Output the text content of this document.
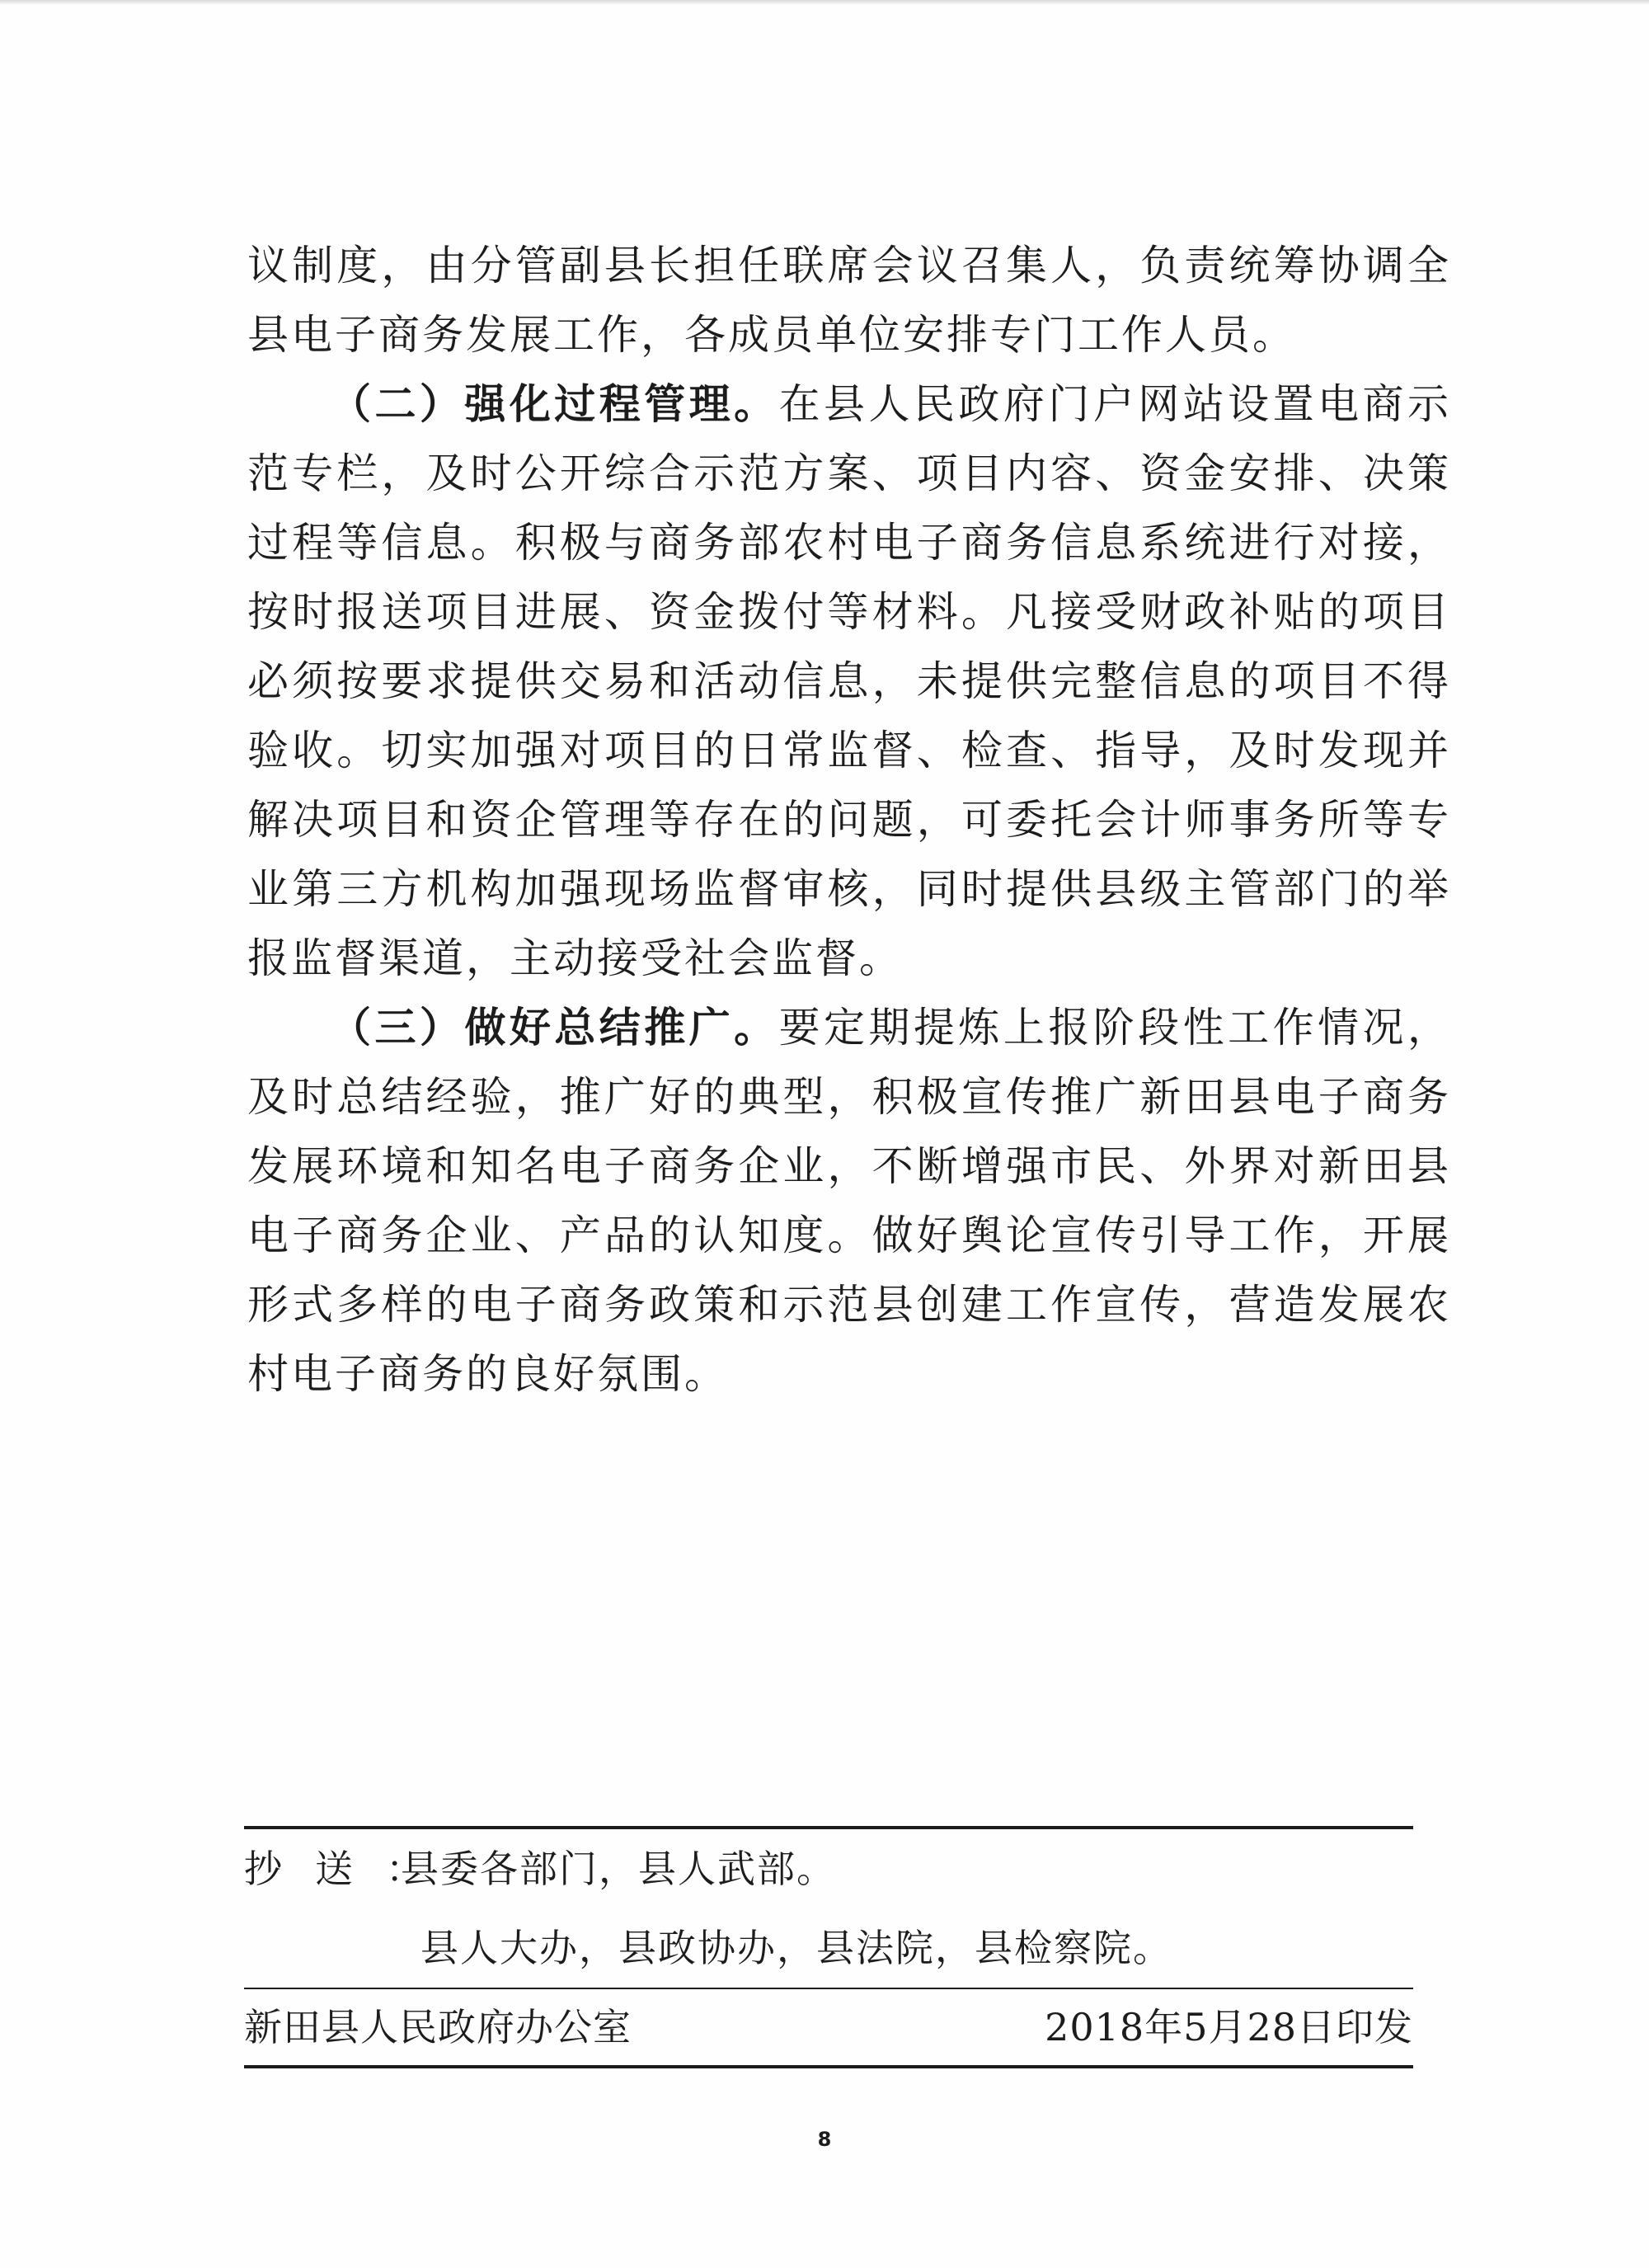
议制度，由分管副县长担任联席会议召集人，负责统筹协调全县电子商务发展工作，各成员单位安排专门工作人员。

（二）强化过程管理。在县人民政府门户网站设置电商示范专栏，及时公开综合示范方案、项目内容、资金安排、决策过程等信息。积极与商务部农村电子商务信息系统进行对接，按时报送项目进展、资金拨付等材料。凡接受财政补贴的项目必须按要求提供交易和活动信息，未提供完整信息的项目不得验收。切实加强对项目的日常监督、检查、指导，及时发现并解决项目和资企管理等存在的问题，可委托会计师事务所等专业第三方机构加强现场监督审核，同时提供县级主管部门的举报监督渠道，主动接受社会监督。

（三）做好总结推广。要定期提炼上报阶段性工作情况，及时总结经验，推广好的典型，积极宣传推广新田县电子商务发展环境和知名电子商务企业，不断增强市民、外界对新田县电子商务企业、产品的认知度。做好舆论宣传引导工作，开展形式多样的电子商务政策和示范县创建工作宣传，营造发展农村电子商务的良好氛围。

抄送：县委各部门，县人武部。
县人大办，县政协办，县法院，县检察院。
新田县人民政府办公室	2018年5月28日印发
8
